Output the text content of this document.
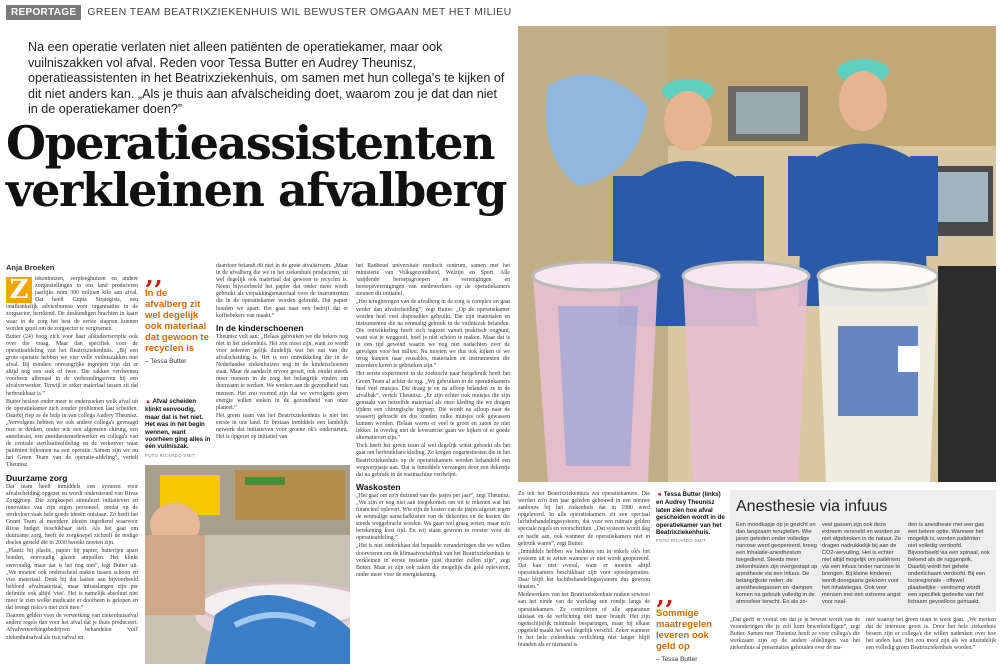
REPORTAGE	GREEN TEAM BEATRIXZIEKENHUIS WIL BEWUSTER OMGAAN MET HET MILIEU
Na een operatie verlaten niet alleen patiënten de operatiekamer, maar ook vuilniszakken vol afval. Reden voor Tessa Butter en Audrey Theunisz, operatieassistenten in het Beatrixziekenhuis, om samen met hun collega's te kijken of dit niet anders kan. „Als je thuis aan afvalscheiding doet, waarom zou je dat dan niet in de operatiekamer doen?”
Operatieassistenten
verkleinen afvalberg
Anja Broeken
Z	iekenhuizen, verpleeghuizen en andere zorginstellingen in ons land produceren jaarlijks ruim 300 miljoen kilo aan afval. Dat heeft Gupta Strategists, een onafhankelijk adviesbureau voor organisaties in de zorgsector, berekend. De deskundigen brachten in kaart waar in de zorg het best de eerste stappen kunnen worden gezet om de zorgsector te vergroenen.

Butter (24) boog zich voor haar afstudeerscriptie ook over die vraag. Maar dan specifiek voor de operatieafdeling van het Beatrixziekenhuis. „Bij een grote operatie hebben we vier volle vuilniszakken met afval. Bij mindere omvangrijke ingrepen zijn dat er altijd nog een stuk of twee. Die zakken verdwenen voorheen allemaal in de verbrandingsoven bij een afvalverwerker. Terwijl er zeker materiaal tussen zit dat herbruikbaar is.”

Butter besloot onder meer te onderzoeken welk afval uit de operatiekamer zich zonder problemen laat scheiden. Daarbij riep ze de hulp in van collega Audrey Theunisz. „Vervolgens hebben we ook andere collega's gevraagd mee te denken, onder wie een algemeen chirurg, een anesthesist, een anesthesiemedewerker en collega's van de centrale sterilisatieafdeling en de verkoever waar patiënten bijkomen na een operatie. Samen zijn we nu het Green Team van de operatie-afdeling”, vertelt Theunisz.

Duurzame zorg

Dat team heeft inmiddels een systeem voor afvalscheiding opgezet en wordt ondersteund van Rivas Zorggroep. Die zorgkoepel stimuleert initiatieven en innovaties van zijn eigen personeel, omdat op de werkvloer vaak hele goede ideeën ontstaan. Zo heeft het Green Team al meerdere ideeën ingediend waarvoor Rivas budget beschikbaar stelt. Als het gaat om duurzame zorg, heeft de zorgkoepel zichzelf de nodige doelen gesteld die in 2030 bereikt moeten zijn.

„Plastic bij plastic, papier bij papier, batterijen apart houden, eenvoudig glazen ampullen. Het klinkt eenvoudig, maar dat is het nog niet”, legt Butter uit. „We moeten ook onderscheid maken tussen schoon en vies materiaal. Denk bij dat laatste aan bijvoorbeeld bebloed afvalmateriaal, maar infuuslangen zijn per definitie ook altijd 'vies'. Het is namelijk absoluut niet meer te zien welke medicatie er doorheen is gelopen en dat brengt risico's met zich mee.”

Daarom gelden voor de verwerking van ziekenhuisafval andere regels dan voor het afval dat je thuis produceert. Afvalverwerkingsbedrijven behandelen 'vuil' ziekenhuisafval als risicoafval en

‚‚
In de afvalberg zit wel degelijk ook materiaal dat gewoon te recyclen is
– Tessa Butter
▲ Afval scheiden klinkt eenvoudig, maar dat is het niet. Het was in het begin wennen, want voorheen ging alles in één vuilniszak.
FOTO RICARDO SMIT

daardoor belandt dit niet in de grote afvalstroom. „Maar in de afvalberg die we in het ziekenhuis produceren, zit wel degelijk ook materiaal dat gewoon te recyclen is. Neem bijvoorbeeld het papier dat onder meer wordt gebruikt als verpakkingsmateriaal voor de instrumenten die in de operatiekamer worden gebruikt. Dat papier houden we apart. Het gaat naar een bedrijf dat er koffiebekers van maakt.”

In de kinderschoenen

Theunisz vult aan: „Helaas gebruiken we die bekers nog niet in het ziekenhuis. Het zou mooi zijn, want zo wordt voor iedereen gelijk duidelijk wat het nut van die afvalscheiding is. Het is een ontwikkeling die in de Nederlandse ziekenhuizen nog in de kinderschoenen staat. Maar de aandacht ervoor groeit, ook omdat steeds meer mensen in de zorg het belangrijk vinden om duurzaam te werken. We werken aan de gezondheid van mensen. Het zou vreemd zijn dat we vervolgens geen energie willen steken in de gezondheid van onze planeet.”

Het green team van het Beatrixziekenhuis is niet het eerste in ons land. Er bestaan inmiddels een landelijk netwerk dat initiatieven voor groene ok's ondersteunt. Het is opgezet op initiatief van

het Radboud universitair medisch centrum, samen met het ministerie van Volksgezondheid, Welzijn en Sport. Alle 'snijdende' beroepsgroepen en verenigingen en beroepsverenigingen van medewerkers op de operatiekamers steunen dit initiatief.

„Het terugbrengen van de afvalberg in de zorg is complex en gaat verder dan afvalscheiding”, zegt Butter. „Op de operatiekamer worden heel veel disposables gebruikt. Dat zijn materialen en instrumenten die na eenmalig gebruik in de vuilniszak belanden. Die ontwikkeling heeft zich ingezet vanuit praktisch oogpunt, want wat je weggooit, hoef je niet schoon te maken. Maar dat is in een tijd gewend waarin we nog niet nadachten over de gevolgen voor het milieu. Nu moeten we dus ook kijken of we terug kunnen naar reusables, materialen en instrumenten die meerdere keren te gebruiken zijn.”

Het eerste experiment in de zoektocht naar hergebruik heeft het Green Team al achter de rug. „We gebruiken in de operatiekamers heel veel mutsjes. Die draag je en na afloop belanden ze in de afvalbak”, vertelt Theunisz. „Er zijn echter ook mutsjes die zijn gemaakt van hetzelfde materiaal als onze kleding die we dragen tijdens een chirurgische ingreep. Die wordt na afloop naar de wasserij gebracht en dus zouden zulke mutsjes ook gewassen kunnen worden. Helaas waren er veel te groot en zaten ze niet lekker. In overleg met de leverancier gaan we kijken of er goede alternatieven zijn.”

Toch heeft het green team al wel degelijk winst geboekt als het gaat om herbruikbare kleding. Zo kregen ooganestiesten die in het Beatrixziekenhuis op de operatiekamers worden behandeld een wegwerpjasje aan. Dat is inmiddels vervangen door een dekentje dat na gebruik in de wasmachine verdwijnt.

Waskosten

„Het gaat om zo'n duizend van die jasjes per jaar”, zegt Theunisz. „We zijn er nog niet aan toegekomen om uit te rekenen wat het financieel oplevert. Wie zijn de kosten van de jasjes afgezet tegen de eenmalige aanschafkosten van de dekentjes en de kosten die steeds weggebracht worden. We gaan wel graag weten, maar zo'n berekening kost tijd. En wij staan gewoon in rooster voor de operatieafdeling.”

„Het is niet onderkhaar dat bepaalde veranderingen die we willen doorvoeren om de klimaatvoetafdruk van het Beatrixziekenhuis te verkleinen in eerste instantie juist duurder zullen zijn”, zegt Butter. Maar er zijn ook zaken die mogelijk die geld opleveren, onder meer voor de energiekening.

Zo telt het Beatrixziekenhuis zes operatiekamers. Die werden zo'n tien jaar geleden gebouwd in een nieuwe aanbouw bij het ziekenhuis dat in 1980 werd opgeleverd. In alle operatiekamers zit een speciaal luchtbehandelingssysteem, dat voor een ruimste gelden speciale regels en voorschriften. „Dat systeem wordt dag en nacht aan, ook wanneer de operatiekamers niet in gebruik waren”, zegt Butter.

„Inmiddels hebben we besloten om in enkele ok's het systeem uit te zetten wanneer er niet wordt geopereerd. Dat kan niet overal, want er moeten altijd operatiekamers beschikbaar zijn voor spoedoperaties. Daar blijft het luchtbehandelingssysteem dus gewoon draaien.”

Medewerkers van het Beatrixziekenhuis maken sowieso aan het einde van de werkdag een rondje langs de operatiekamers. Ze controleren of alle apparatuur uitstaat en de verlichting niet meer brandt. Het zijn ogenschijnlijk minimale besparingen, maar bij elkaar opgeteld maakt het wel degelijk verschil. Zeker wanneer in het hele ziekenhuis verlichting niet langer blijft branden als er niemand is.

◄ Tessa Butter (links) en Audrey Theunisz laten zien hoe afval gescheiden wordt in de operatiekamer van het Beatrixziekenhuis.
FOTO RICARDO SMIT
‚‚
Sommige maatregelen leveren ook geld op
– Tessa Butter
Anesthesie via infuus
Een mondkapje op je gezicht en dan langzaam terugtellen. Wie jaren geleden onder volledige narcose werd geopereerd, kreeg een inhalatie-anesthesium toegediend. Steeds meer ziekenhuizen zijn overgestapt op anesthesie via een infuus. De belangrijkste reden: de anesthesiegassen en -dampen komen na gebruik volledig in de atmosfeer terecht. En als zo-
veel gassen zijn ook deze extreem versneld en worden ze niet afgebroken in de natuur. Ze dragen nadrukkelijk bij aan de CO2-vervuiling. Het is echter niet altijd mogelijk om patiënten via een infuus onder narcose te brengen. Bij kleine kinderen wordt doorgaans gekozen voor het inhalatiegas. Ook voor mensen met een extreme angst voor naal-
den is anesthesie met een gas een betere optie. Wanneer het mogelijk is, worden patiënten niet volledig verdoofd. Bijvoorbeeld via een spinaal, ook bekend als de ruggenprik. Daarbij wordt het gehele onderlichaam verdoofd. Bij een locoregionale - offewel plaatselijke - verdoving wordt een specifiek gedeelte van het lichaam gevoelloos gemaakt.

„Dat geeft er voorál om dat je je bewust wordt van de veranderingen die je zelf kunt bewerkstelligen”, zegt Butter. Samen met Theunisz heeft ze voor collega's die werkzaam zijn op de andere afdelingen van het ziekenhuis al presentaties gehouden over de ma-

nier waarop het green team te werk gaat. „We merken dat de interesse groot is. Door het hele ziekenhuis beseen zijn er collega's die willen nadenken over hoe het anders kan. Het zou mooi zijn als we uiteindelijk een volledig groen Beatrixziekenhuis worden.”
